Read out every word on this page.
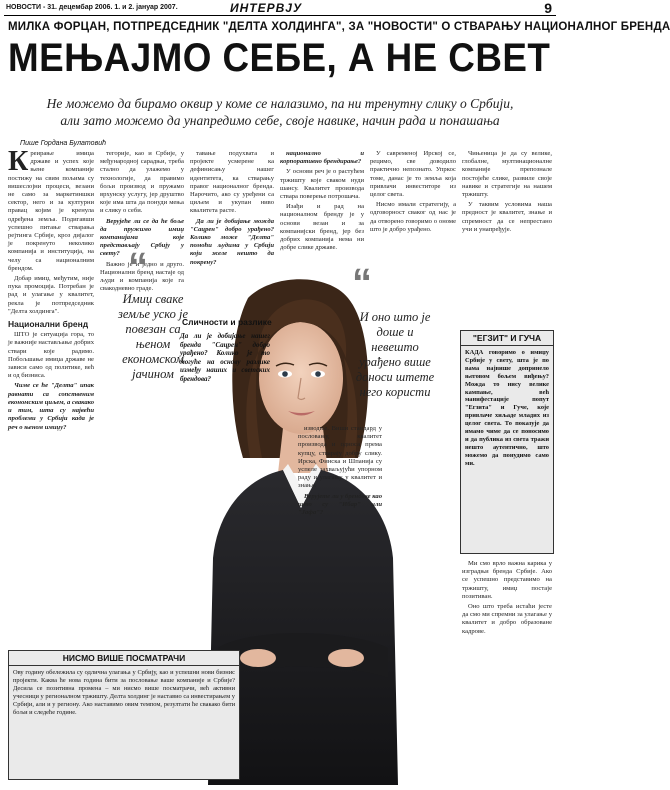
НОВОСТИ - 31. децембар 2006. 1. и 2. јануар 2007.	ИНТЕРВЈУ	9
МИЛКА ФОРЦАН, ПОТПРЕДСЕДНИК "ДЕЛТА ХОЛДИНГА", ЗА "НОВОСТИ" О СТВАРАЊУ НАЦИОНАЛНОГ БРЕНДА
МЕЊАЈМО СЕБЕ, А НЕ СВЕТ
Не можемо да бирамо оквир у коме се налазимо, па ни тренутну слику о Србији,
али зато можемо да унапредимо себе, своје навике, начин рада и понашања
Пише Гордана Булатовић

Креирање имиџа државе и успех које њене компаније постижу на свим пољима су вишеслојни процеси, везани не само за маркетиншки сектор, него и за културни правац којим је кренула одређена земља. Подигавши успешно питање стварања рејтинга Србије, кроз дијалог је покренуто неколико компанија и институција, на челу са националним брендом.

Добар имиџ, међутим, није пука промоција. Потребан је рад и улагање у квалитет, рекла је потпредседник "Делта холдинга".

Национални бренд

ШТО је ситуација гора, то је важније настављање добрих ствари које радимо. Побољшање имиџа државе не зависи само од политике, већ и од бизниса.

Чиме се ће "Делта" ипак равнати са сопственим економским циљем, а свакако и тим, шта су највећи проблеми у Србији када је реч о њеном имиџу?

тегорије, као и Србије, у међународној сарадњи, треба стално да улажемо у технологије, да правимо бољи производ и пружамо врхунску услугу, јер друштво које има шта да понуди мења и слику о себи.

Верујеће ли се да ће боље да пружимо имиџ компанијама које представљају Србију у свету?

Важно је и једно и друго. Национални бренд настаје од људи и компанија које га свакодневно граде.

тавање подухвата и пројекте усмерене ка дефинисању нашег идентитета, ка стварању правог националног бренда. Нарочито, ако су уређени са циљем и укупан ниво квалитета расте.

Да ли је добијање можда "Сацрен" добро урађено? Колико може "Делта" помоћи људима у Србији који желе нешто да покрену?

национално и корпоративно брендирање?

У основи реч је о растућем тржишту које сваком нуди шансу. Квалитет производа ствара поверење потрошача.

Изађи и рад на националном бренду је у основи везан и за компанијски бренд, јер без добрих компанија нема ни добре слике државе.

У савременој Ирској се, рецимо, све доводило практично непознато. Упркос томе, данас је то земља која привлачи инвеститоре из целог света.

Нисмо имали стратегију, а одговорност сваког од нас је да отворено говоримо о ономе што је добро урађено.

Чињеница је да су велике, глобалне, мултинационалне компаније препознале постојеће слике, развиле своје навике и стратегије на нашем тржишту.

У таквим условима наша предност је квалитет, знање и спремност да се непрестано учи и унапређује.

“	“
Имиџ сваке земље уско је повезан са њеном економском јачином
И оно што је доше и невешто урађено више доноси штете него користи
Сличности и разлике
Да ли је добијање нашег бренда "Сацрен" добро урађено? Колико је то могуће на основу разлике између наших и светских брендова?

изводње. Виши стандард у пословању, квалитет производа и односа према купцу, стварају добру слику. Ирска, Финска и Шпанија су успеле захваљујући упорном раду и улагању у квалитет и знање.

Верујете ли у брендове као што су "Ибар" или "Јафа"?

Ми смо врло важна карика у изградњи бренда Србије. Ако се успешно представимо на тржишту, имиџ постаје позитиван.

Оно што треба истаћи јесте да смо ми спремни за улагање у квалитет и добро образоване кадрове.

НИСМО ВИШЕ ПОСМАТРАЧИ
Ову годину обележила су одлична улагања у Србију, као и успешни нови бизнис пројекти. Каква ће нова година бити за пословање ваше компаније и Србије? Десила се позитивна промена – ми нисмо више посматрачи, већ активни учесници у регионалном тржишту. Делта холдинг је наставио са инвестирањем у Србији, али и у региону. Ако наставимо овим темпом, резултати ће свакако бити бољи и следеће године.
"ЕГЗИТ" И ГУЧА
КАДА говоримо о имиџу Србије у свету, шта је по вама највише допринело његовом бољем виђењу? Можда то нису велике кампање, већ манифестације попут "Егзита" и Гуче, које привлаче хиљаде младих из целог света. То показује да имамо чиме да се поносимо и да публика из света тражи нешто аутентично, што можемо да понудимо само ми.
